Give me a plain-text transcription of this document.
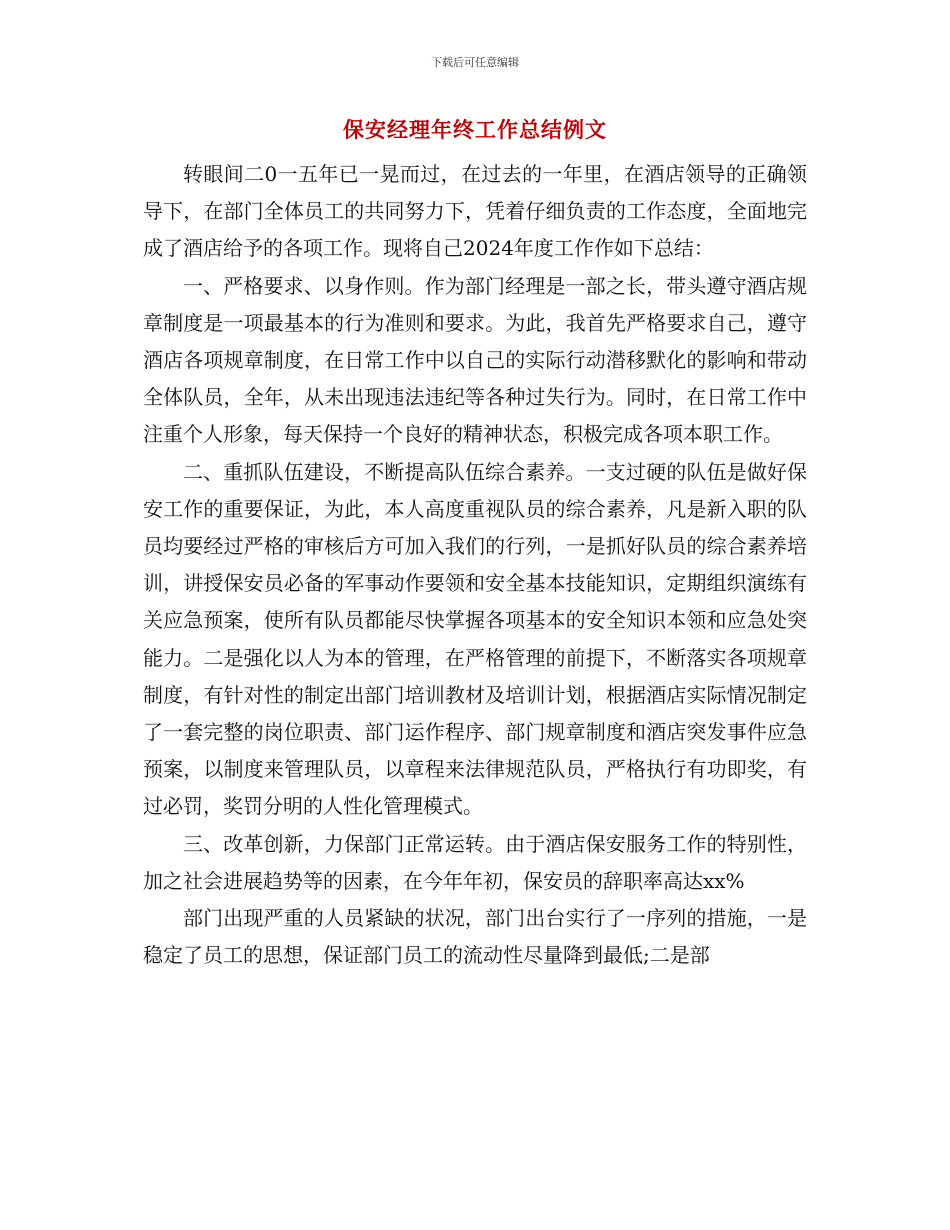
下载后可任意编辑
保安经理年终工作总结例文

转眼间二0一五年已一晃而过，在过去的一年里，在酒店领导的正确领导下，在部门全体员工的共同努力下，凭着仔细负责的工作态度，全面地完成了酒店给予的各项工作。现将自己2024年度工作作如下总结：

一、严格要求、以身作则。作为部门经理是一部之长，带头遵守酒店规章制度是一项最基本的行为准则和要求。为此，我首先严格要求自己，遵守酒店各项规章制度，在日常工作中以自己的实际行动潜移默化的影响和带动全体队员，全年，从未出现违法违纪等各种过失行为。同时，在日常工作中注重个人形象，每天保持一个良好的精神状态，积极完成各项本职工作。

二、重抓队伍建设，不断提高队伍综合素养。一支过硬的队伍是做好保安工作的重要保证，为此，本人高度重视队员的综合素养，凡是新入职的队员均要经过严格的审核后方可加入我们的行列，一是抓好队员的综合素养培训，讲授保安员必备的军事动作要领和安全基本技能知识，定期组织演练有关应急预案，使所有队员都能尽快掌握各项基本的安全知识本领和应急处突能力。二是强化以人为本的管理，在严格管理的前提下，不断落实各项规章制度，有针对性的制定出部门培训教材及培训计划，根据酒店实际情况制定了一套完整的岗位职责、部门运作程序、部门规章制度和酒店突发事件应急预案，以制度来管理队员，以章程来法律规范队员，严格执行有功即奖，有过必罚，奖罚分明的人性化管理模式。

三、改革创新，力保部门正常运转。由于酒店保安服务工作的特别性，加之社会进展趋势等的因素，在今年年初，保安员的辞职率高达xx%

部门出现严重的人员紧缺的状况，部门出台实行了一序列的措施，一是稳定了员工的思想，保证部门员工的流动性尽量降到最低;二是部
